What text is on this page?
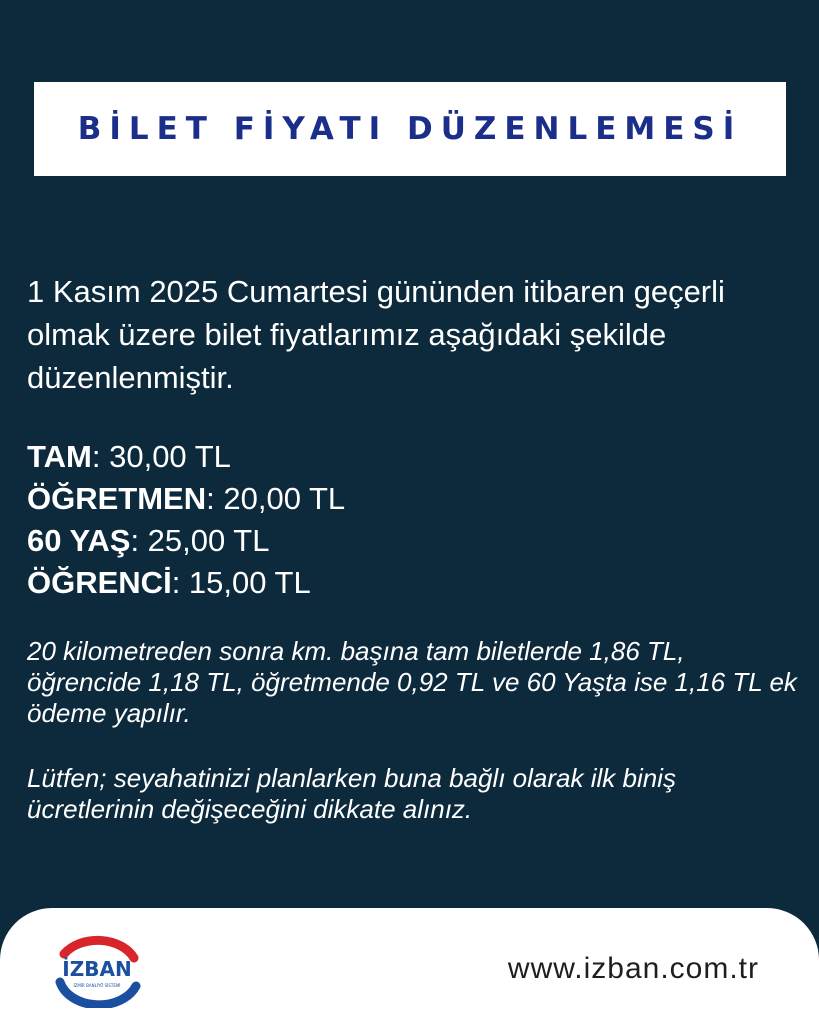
BİLET FİYATI DÜZENLEMESİ
1 Kasım 2025 Cumartesi gününden itibaren geçerli olmak üzere bilet fiyatlarımız aşağıdaki şekilde düzenlenmiştir.
TAM: 30,00 TL
ÖĞRETMEN: 20,00 TL
60 YAŞ: 25,00 TL
ÖĞRENCİ: 15,00 TL

20 kilometreden sonra km. başına tam biletlerde 1,86 TL, öğrencide 1,18 TL, öğretmende 0,92 TL ve 60 Yaşta ise 1,16 TL ek ödeme yapılır.

Lütfen; seyahatinizi planlarken buna bağlı olarak ilk biniş ücretlerinin değişeceğini dikkate alınız.

İZBAN
İZMİR BANLİYÖ SİSTEMİ
www.izban.com.tr
